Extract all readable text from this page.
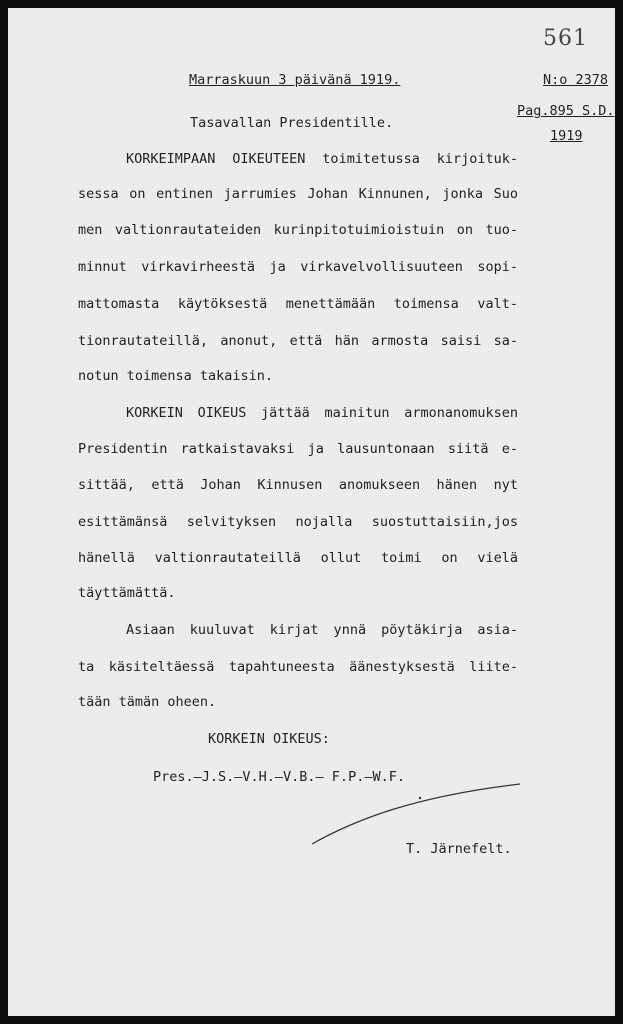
561
Marraskuun 3 päivänä 1919.	N:o 2378
Pag.895 S.D.
1919
Tasavallan Presidentille.
KORKEIMPAAN OIKEUTEEN toimitetussa kirjoituk-
sessa on entinen jarrumies Johan Kinnunen, jonka Suo
men valtionrautateiden kurinpitotuimioistuin on tuo-
minnut virkavirheestä ja virkavelvollisuuteen sopi-
mattomasta käytöksestä menettämään toimensa valt-
tionrautateillä, anonut, että hän armosta saisi sa-
notun toimensa takaisin.
KORKEIN OIKEUS jättää mainitun armonanomuksen
Presidentin ratkaistavaksi ja lausuntonaan siitä e-
sittää, että Johan Kinnusen anomukseen hänen nyt
esittämänsä selvityksen nojalla suostuttaisiin,jos
hänellä valtionrautateillä ollut toimi on vielä
täyttämättä.
Asiaan kuuluvat kirjat ynnä pöytäkirja asia-
ta käsiteltäessä tapahtuneesta äänestyksestä liite-
tään tämän oheen.
KORKEIN OIKEUS:
Pres.—J.S.—V.H.—V.B.— F.P.—W.F.
T. Järnefelt.
